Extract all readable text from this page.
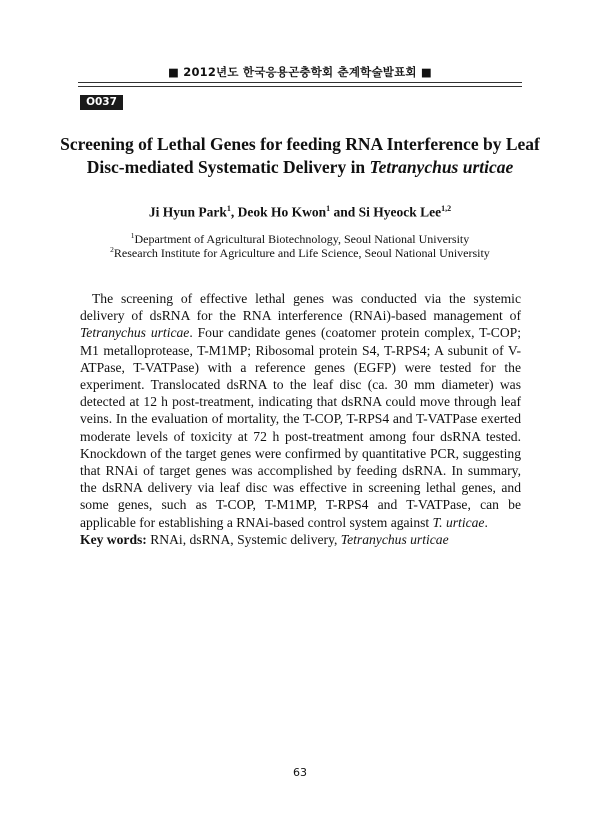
■ 2012년도 한국응용곤충학회 춘계학술발표회 ■
O037
Screening of Lethal Genes for feeding RNA Interference by Leaf
Disc-mediated Systematic Delivery in Tetranychus urticae
Ji Hyun Park$^1$, Deok Ho Kwon$^1$ and Si Hyeock Lee$^{1,2}$
$^1$Department of Agricultural Biotechnology, Seoul National University
$^2$Research Institute for Agriculture and Life Science, Seoul National University
The screening of effective lethal genes was conducted via the systemic delivery of dsRNA for the RNA interference (RNAi)-based management of Tetranychus urticae. Four candidate genes (coatomer protein complex, T-COP; M1 metalloprotease, T-M1MP; Ribosomal protein S4, T-RPS4; A subunit of V-ATPase, T-VATPase) with a reference genes (EGFP) were tested for the experiment. Translocated dsRNA to the leaf disc (ca. 30 mm diameter) was detected at 12 h post-treatment, indicating that dsRNA could move through leaf veins. In the evaluation of mortality, the T-COP, T-RPS4 and T-VATPase exerted moderate levels of toxicity at 72 h post-treatment among four dsRNA tested. Knockdown of the target genes were confirmed by quantitative PCR, suggesting that RNAi of target genes was accomplished by feeding dsRNA. In summary, the dsRNA delivery via leaf disc was effective in screening lethal genes, and some genes, such as T-COP, T-M1MP, T-RPS4 and T-VATPase, can be applicable for establishing a RNAi-based control system against T. urticae.
Key words: RNAi, dsRNA, Systemic delivery, Tetranychus urticae
63
